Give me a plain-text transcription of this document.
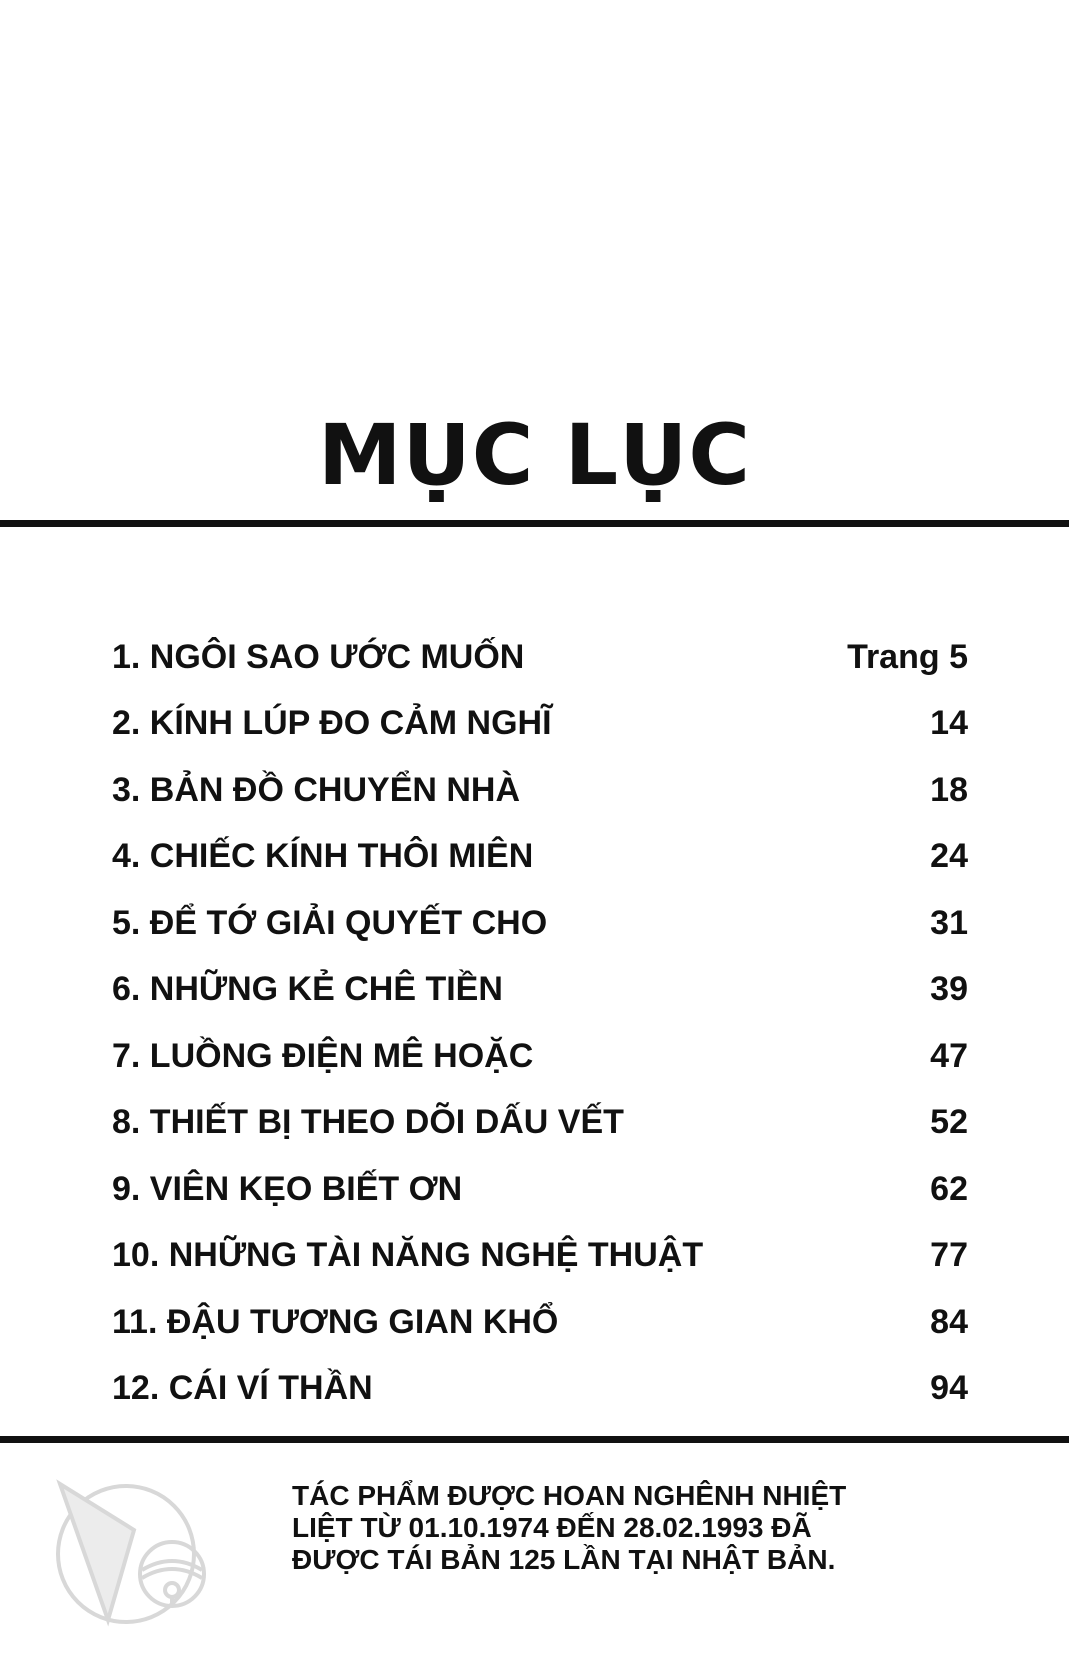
MỤC LỤC
1. NGÔI SAO ƯỚC MUỐN	Trang 5
2. KÍNH LÚP ĐO CẢM NGHĨ	14
3. BẢN ĐỒ CHUYỂN NHÀ	18
4. CHIẾC KÍNH THÔI MIÊN	24
5. ĐỂ TỚ GIẢI QUYẾT CHO	31
6. NHỮNG KẺ CHÊ TIỀN	39
7. LUỒNG ĐIỆN MÊ HOẶC	47
8. THIẾT BỊ THEO DÕI DẤU VẾT	52
9. VIÊN KẸO BIẾT ƠN	62
10. NHỮNG TÀI NĂNG NGHỆ THUẬT	77
11. ĐẬU TƯƠNG GIAN KHỔ	84
12. CÁI VÍ THẦN	94
TÁC PHẨM ĐƯỢC HOAN NGHÊNH NHIỆT
LIỆT TỪ 01.10.1974 ĐẾN 28.02.1993 ĐÃ
ĐƯỢC TÁI BẢN 125 LẦN TẠI NHẬT BẢN.
